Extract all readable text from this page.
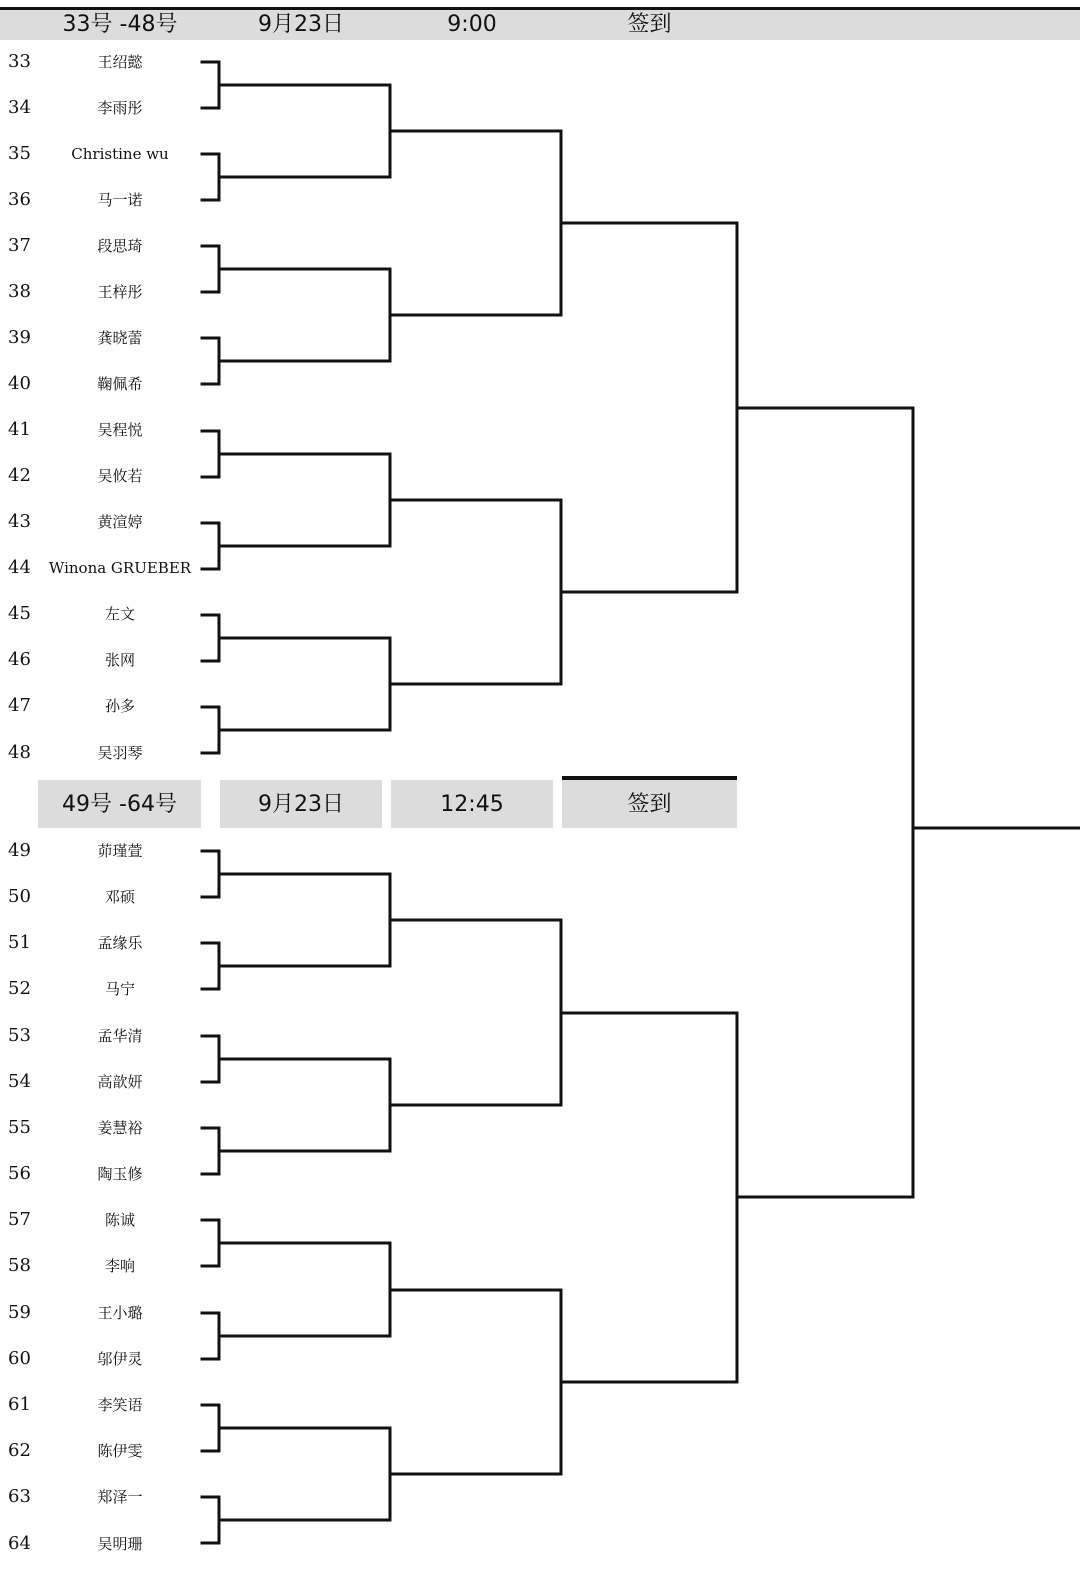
33号 -48号	9月23日	9:00	签到
49号 -64号	9月23日	12:45	签到
33	王绍懿
34	李雨彤
35	Christine wu
36	马一诺
37	段思琦
38	王梓彤
39	龚晓蕾
40	鞠佩希
41	吴程悦
42	吴攸若
43	黄渲婷
44	Winona GRUEBER
45	左文
46	张网
47	孙多
48	吴羽琴
49	茆瑾萱
50	邓硕
51	孟缘乐
52	马宁
53	孟华清
54	高歆妍
55	姜慧裕
56	陶玉修
57	陈诚
58	李响
59	王小璐
60	邬伊灵
61	李笑语
62	陈伊雯
63	郑泽一
64	吴明珊
